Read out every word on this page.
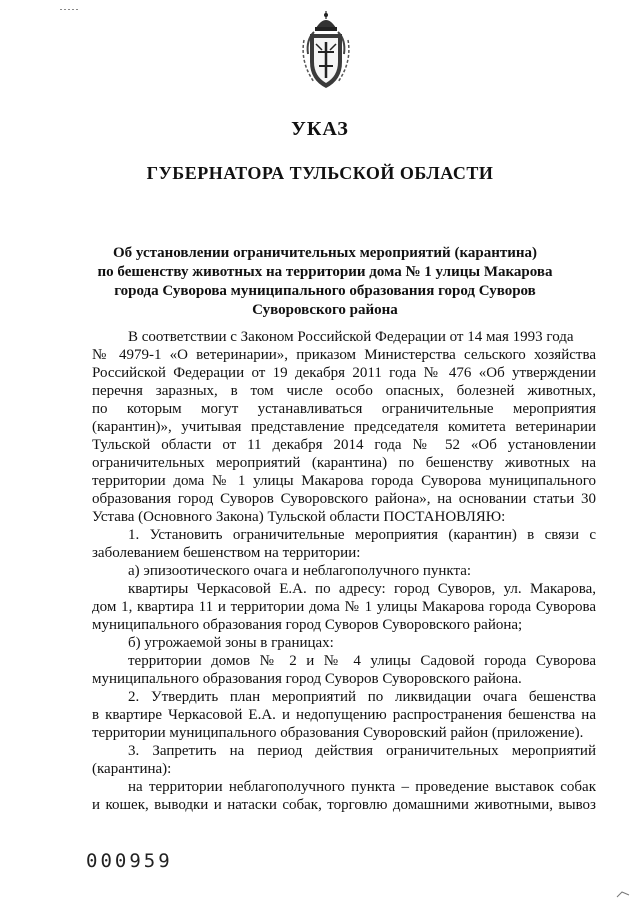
УКАЗ
ГУБЕРНАТОРА ТУЛЬСКОЙ ОБЛАСТИ
Об установлении ограничительных мероприятий (карантина)
по бешенству животных на территории дома № 1 улицы Макарова
города Суворова муниципального образования город Суворов
Суворовского района
В соответствии с Законом Российской Федерации от 14 мая 1993 года
№ 4979-1 «О ветеринарии», приказом Министерства сельского хозяйства
Российской Федерации от 19 декабря 2011 года № 476 «Об утверждении
перечня заразных, в том числе особо опасных, болезней животных,
по которым могут устанавливаться ограничительные мероприятия
(карантин)», учитывая представление председателя комитета ветеринарии
Тульской области от 11 декабря 2014 года № 52 «Об установлении
ограничительных мероприятий (карантина) по бешенству животных на
территории дома № 1 улицы Макарова города Суворова муниципального
образования город Суворов Суворовского района», на основании статьи 30
Устава (Основного Закона) Тульской области ПОСТАНОВЛЯЮ:
1. Установить ограничительные мероприятия (карантин) в связи с
заболеванием бешенством на территории:
а) эпизоотического очага и неблагополучного пункта:
квартиры Черкасовой Е.А. по адресу: город Суворов, ул. Макарова,
дом 1, квартира 11 и территории дома № 1 улицы Макарова города Суворова
муниципального образования город Суворов Суворовского района;
б) угрожаемой зоны в границах:
территории домов № 2 и № 4 улицы Садовой города Суворова
муниципального образования город Суворов Суворовского района.
2. Утвердить план мероприятий по ликвидации очага бешенства
в квартире Черкасовой Е.А. и недопущению распространения бешенства на
территории муниципального образования Суворовский район (приложение).
3. Запретить на период действия ограничительных мероприятий
(карантина):
на территории неблагополучного пункта – проведение выставок собак
и кошек, выводки и натаски собак, торговлю домашними животными, вывоз
000959
